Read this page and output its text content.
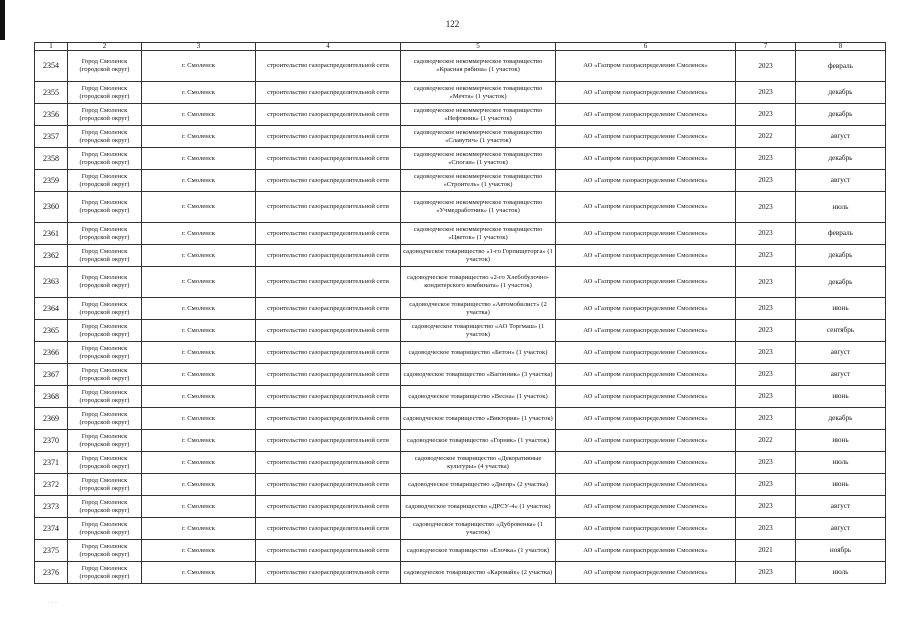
122
1	2	3	4	5	6	7	8
2354	Город Смоленск (городской округ)	г. Смоленск	строительство газораспределительной сети	садоводческое некоммерческое товарищество «Красная рябина» (1 участок)	АО «Газпром газораспределение Смоленск»	2023	февраль
2355	Город Смоленск (городской округ)	г. Смоленск	строительство газораспределительной сети	садоводческое некоммерческое товарищество «Мечта» (1 участок)	АО «Газпром газораспределение Смоленск»	2023	декабрь
2356	Город Смоленск (городской округ)	г. Смоленск	строительство газораспределительной сети	садоводческое некоммерческое товарищество «Нефтяник» (1 участок)	АО «Газпром газораспределение Смоленск»	2023	декабрь
2357	Город Смоленск (городской округ)	г. Смоленск	строительство газораспределительной сети	садоводческое некоммерческое товарищество «Славутич» (1 участок)	АО «Газпром газораспределение Смоленск»	2022	август
2358	Город Смоленск (городской округ)	г. Смоленск	строительство газораспределительной сети	садоводческое некоммерческое товарищество «Спогаи» (1 участок)	АО «Газпром газораспределение Смоленск»	2023	декабрь
2359	Город Смоленск (городской округ)	г. Смоленск	строительство газораспределительной сети	садоводческое некоммерческое товарищество «Строитель» (1 участок)	АО «Газпром газораспределение Смоленск»	2023	август
2360	Город Смоленск (городской округ)	г. Смоленск	строительство газораспределительной сети	садоводческое некоммерческое товарищество «Учмедработник» (1 участок)	АО «Газпром газораспределение Смоленск»	2023	июль
2361	Город Смоленск (городской округ)	г. Смоленск	строительство газораспределительной сети	садоводческое некоммерческое товарищество «Цветок» (1 участок)	АО «Газпром газораспределение Смоленск»	2023	февраль
2362	Город Смоленск (городской округ)	г. Смоленск	строительство газораспределительной сети	садоводческое товарищество «1-го Горпищеторга» (1 участок)	АО «Газпром газораспределение Смоленск»	2023	декабрь
2363	Город Смоленск (городской округ)	г. Смоленск	строительство газораспределительной сети	садоводческое товарищество «2-го Хлебобулочно-кондитерского комбината» (1 участок)	АО «Газпром газораспределение Смоленск»	2023	декабрь
2364	Город Смоленск (городской округ)	г. Смоленск	строительство газораспределительной сети	садоводческое товарищество «Автомобилист» (2 участка)	АО «Газпром газораспределение Смоленск»	2023	июнь
2365	Город Смоленск (городской округ)	г. Смоленск	строительство газораспределительной сети	садоводческое товарищество «АО Торгмаш» (1 участок)	АО «Газпром газораспределение Смоленск»	2023	сентябрь
2366	Город Смоленск (городской округ)	г. Смоленск	строительство газораспределительной сети	садоводческое товарищество «Бетон» (1 участок)	АО «Газпром газораспределение Смоленск»	2023	август
2367	Город Смоленск (городской округ)	г. Смоленск	строительство газораспределительной сети	садоводческое товарищество «Вагонник» (3 участка)	АО «Газпром газораспределение Смоленск»	2023	август
2368	Город Смоленск (городской округ)	г. Смоленск	строительство газораспределительной сети	садоводческое товарищество «Весна» (1 участок)	АО «Газпром газораспределение Смоленск»	2023	июнь
2369	Город Смоленск (городской округ)	г. Смоленск	строительство газораспределительной сети	садоводческое товарищество «Виктория» (1 участок)	АО «Газпром газораспределение Смоленск»	2023	декабрь
2370	Город Смоленск (городской округ)	г. Смоленск	строительство газораспределительной сети	садоводческое товарищество «Горняк» (1 участок)	АО «Газпром газораспределение Смоленск»	2022	июнь
2371	Город Смоленск (городской округ)	г. Смоленск	строительство газораспределительной сети	садоводческое товарищество «Декоративные культуры» (4 участка)	АО «Газпром газораспределение Смоленск»	2023	июль
2372	Город Смоленск (городской округ)	г. Смоленск	строительство газораспределительной сети	садоводческое товарищество «Днепр» (2 участка)	АО «Газпром газораспределение Смоленск»	2023	июнь
2373	Город Смоленск (городской округ)	г. Смоленск	строительство газораспределительной сети	садоводческое товарищество «ДРСУ-4» (1 участок)	АО «Газпром газораспределение Смоленск»	2023	август
2374	Город Смоленск (городской округ)	г. Смоленск	строительство газораспределительной сети	садоводческое товарищество «Дубровенка» (1 участок)	АО «Газпром газораспределение Смоленск»	2023	август
2375	Город Смоленск (городской округ)	г. Смоленск	строительство газораспределительной сети	садоводческое товарищество «Елочка» (1 участок)	АО «Газпром газораспределение Смоленск»	2021	ноябрь
2376	Город Смоленск (городской округ)	г. Смоленск	строительство газораспределительной сети	садоводческое товарищество «Каровайе» (2 участка)	АО «Газпром газораспределение Смоленск»	2023	июль
· · ·
